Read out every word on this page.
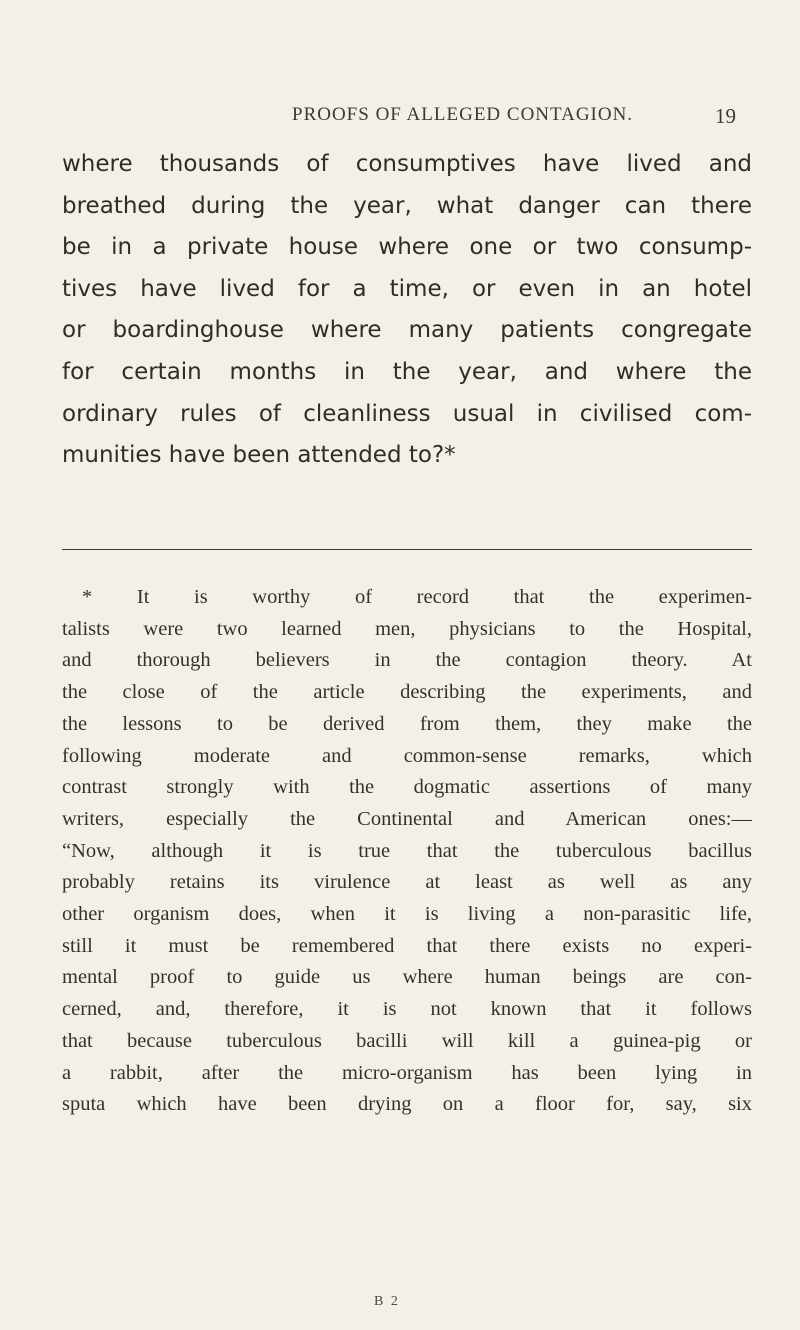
PROOFS OF ALLEGED CONTAGION.	19
where thousands of consumptives have lived and
breathed during the year, what danger can there
be in a private house where one or two consump-
tives have lived for a time, or even in an hotel
or boardinghouse where many patients congregate
for certain months in the year, and where the
ordinary rules of cleanliness usual in civilised com-
munities have been attended to?*
* It is worthy of record that the experimen-
talists were two learned men, physicians to the Hospital,
and thorough believers in the contagion theory. At
the close of the article describing the experiments, and
the lessons to be derived from them, they make the
following moderate and common-sense remarks, which
contrast strongly with the dogmatic assertions of many
writers, especially the Continental and American ones:—
“Now, although it is true that the tuberculous bacillus
probably retains its virulence at least as well as any
other organism does, when it is living a non-parasitic life,
still it must be remembered that there exists no experi-
mental proof to guide us where human beings are con-
cerned, and, therefore, it is not known that it follows
that because tuberculous bacilli will kill a guinea-pig or
a rabbit, after the micro-organism has been lying in
sputa which have been drying on a floor for, say, six
B 2
